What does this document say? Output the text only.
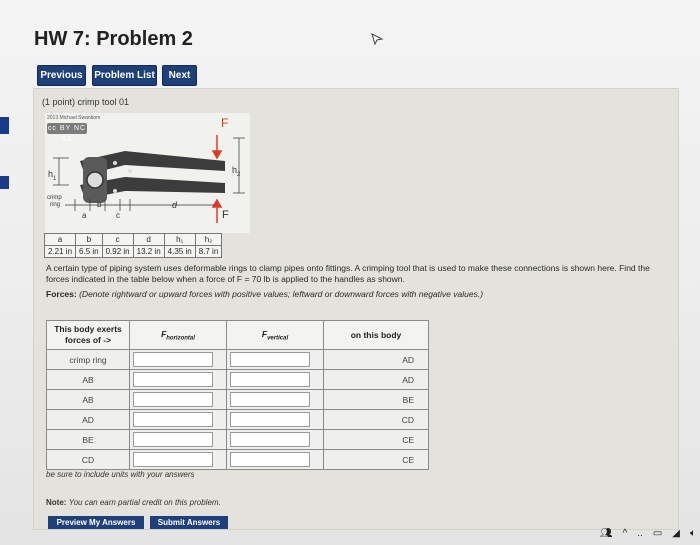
HW 7: Problem 2
Previous	Problem List	Next
(1 point) crimp tool 01
2013 Michael Swanbom
cc BY NC SA
F
F
$h_1$
$h_2$
crimp
ring
a
b
c
d
a	b	c	d	h₁	h₂
2.21 in	6.5 in	0.92 in	13.2 in	4.35 in	8.7 in
A certain type of piping system uses deformable rings to clamp pipes onto fittings. A crimping tool that is used to make these connections is shown here. Find the forces indicated in the table below when a force of F = 70 lb is applied to the handles as shown.
Forces: (Denote rightward or upward forces with positive values; leftward or downward forces with negative values.)
This body exerts
forces of ->	$F_{horizontal}$	$F_{vertical}$	on this body
crimp ring			AD
AB			AD
AB			BE
AD			CD
BE			CE
CD			CE
be sure to include units with your answers
Note: You can earn partial credit on this problem.
Preview My Answers	Submit Answers
👥︎ ^ .. ▭ ◢ 🔈︎
